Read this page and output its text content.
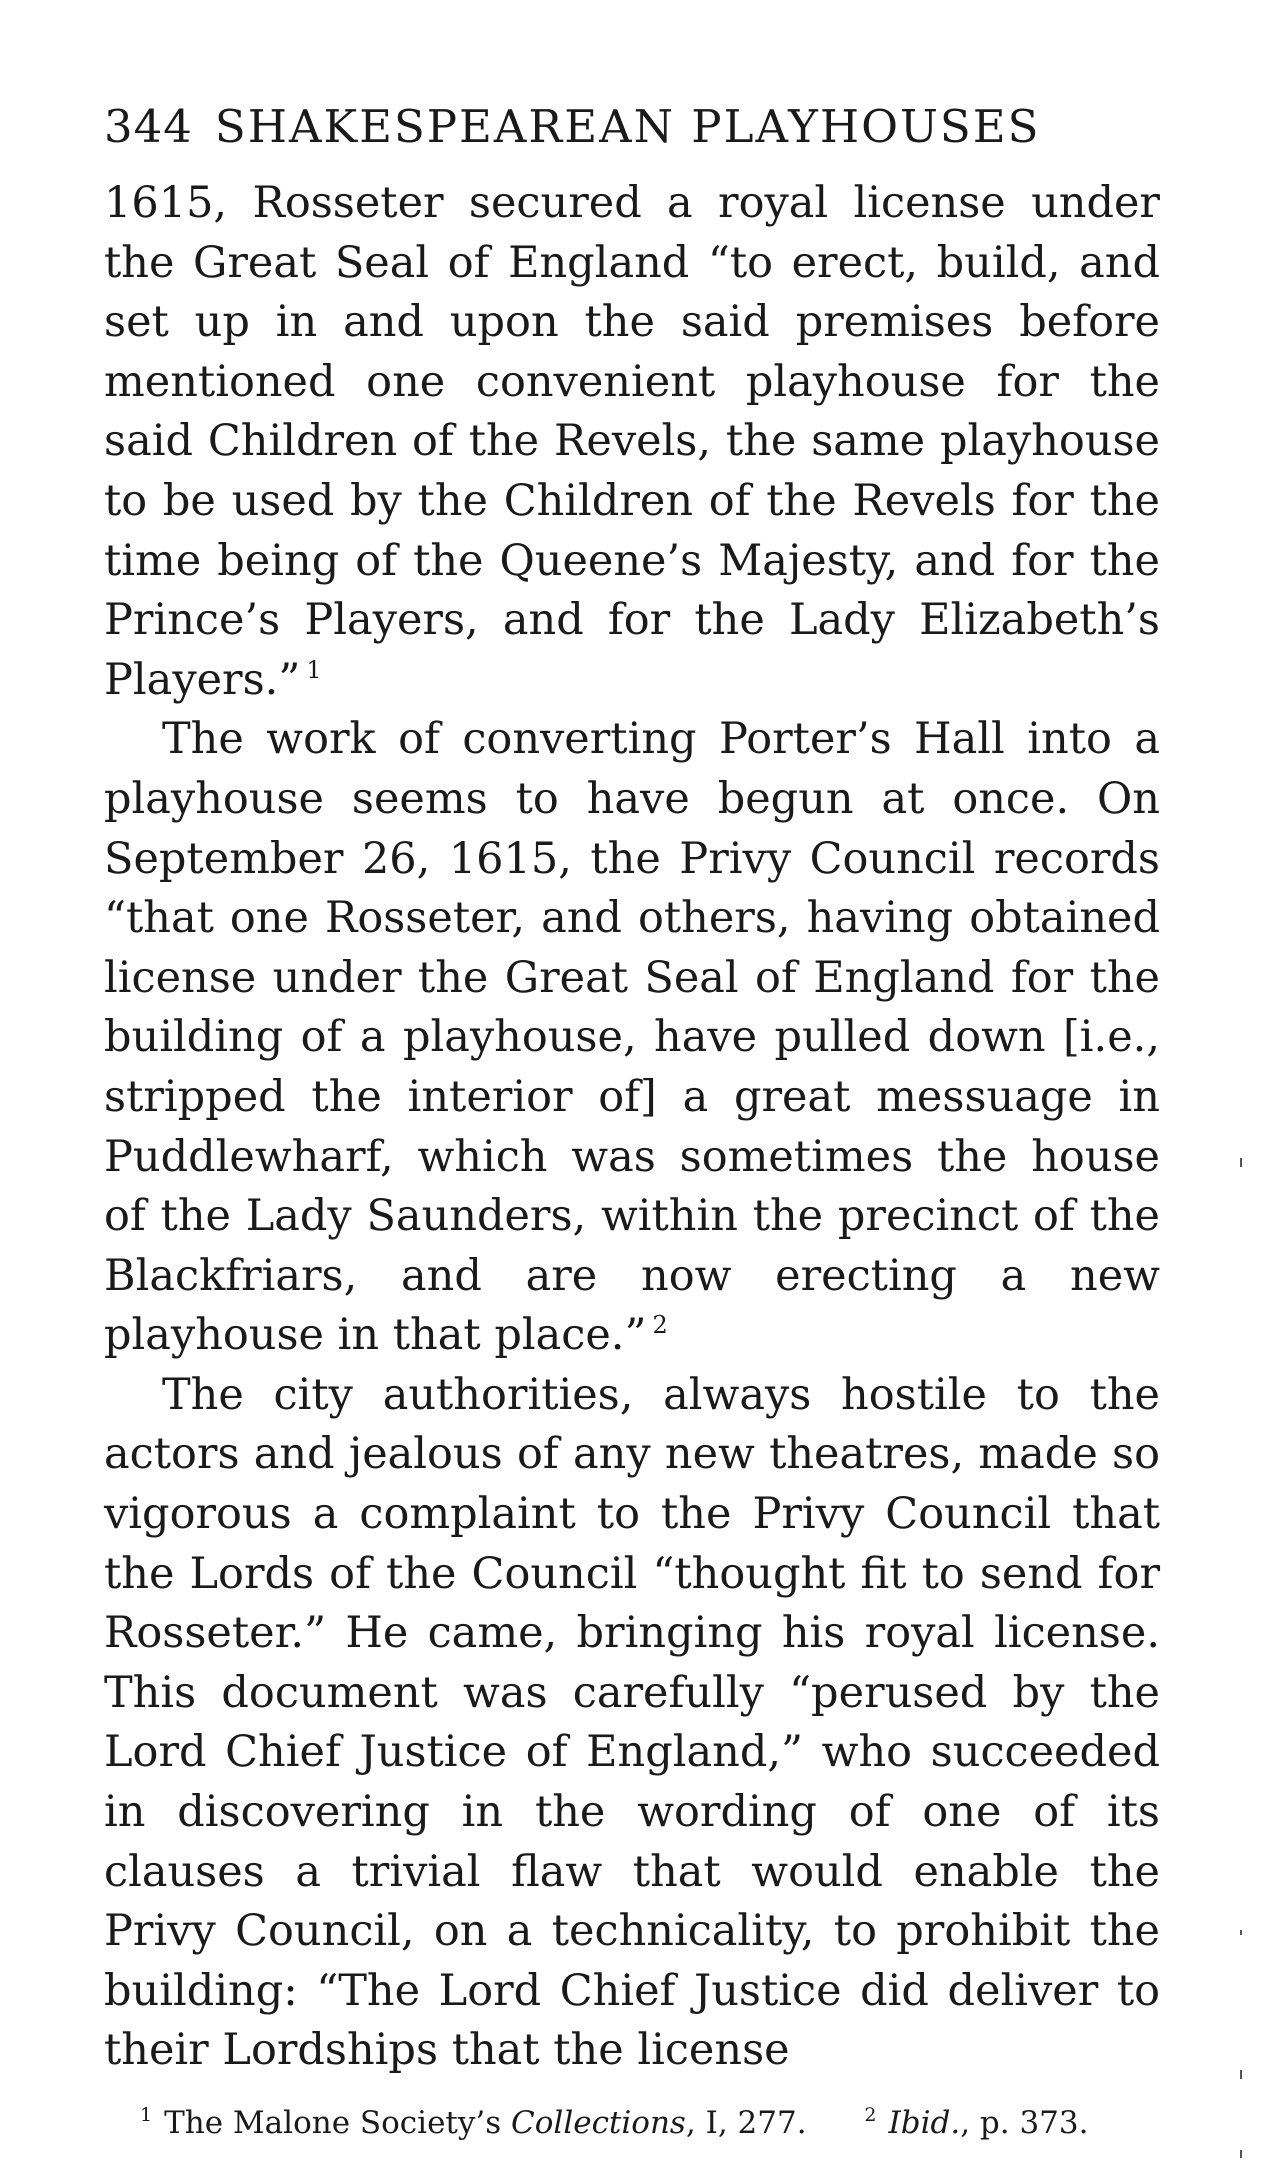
344 SHAKESPEAREAN PLAYHOUSES

1615, Rosseter secured a royal license under the Great Seal of England “to erect, build, and set up in and upon the said premises before mentioned one convenient playhouse for the said Children of the Revels, the same playhouse to be used by the Children of the Revels for the time being of the Queene’s Majesty, and for the Prince’s Players, and for the Lady Elizabeth’s Players.” $^1$

The work of converting Porter’s Hall into a playhouse seems to have begun at once. On September 26, 1615, the Privy Council records “that one Rosseter, and others, having obtained license under the Great Seal of England for the building of a playhouse, have pulled down [i.e., stripped the interior of] a great messuage in Puddlewharf, which was sometimes the house of the Lady Saunders, within the precinct of the Blackfriars, and are now erecting a new playhouse in that place.” $^2$

The city authorities, always hostile to the actors and jealous of any new theatres, made so vigorous a complaint to the Privy Council that the Lords of the Council “thought fit to send for Rosseter.” He came, bringing his royal license. This document was carefully “perused by the Lord Chief Justice of England,” who succeeded in discovering in the wording of one of its clauses a trivial flaw that would enable the Privy Council, on a technicality, to prohibit the building: “The Lord Chief Justice did deliver to their Lordships that the license

$^1$ The Malone Society’s Collections, I, 277.	$^2$ Ibid., p. 373.
